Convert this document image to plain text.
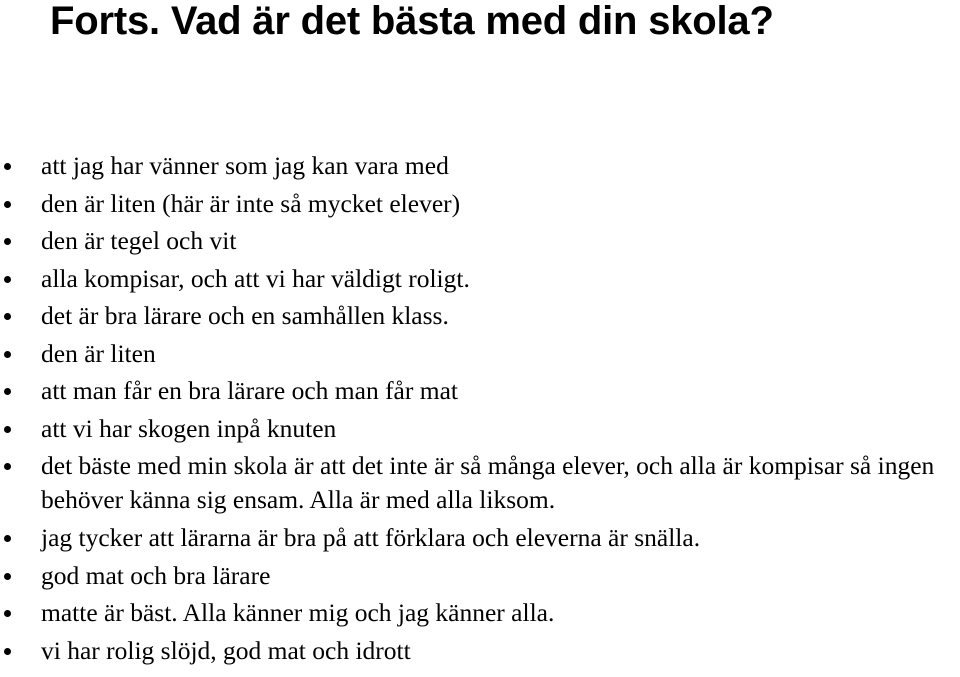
Forts. Vad är det bästa med din skola?
att jag har vänner som jag kan vara med
den är liten (här är inte så mycket elever)
den är tegel och vit
alla kompisar, och att vi har väldigt roligt.
det är bra lärare och en samhållen klass.
den är liten
att man får en bra lärare och man får mat
att vi har skogen inpå knuten
det bäste med min skola är att det inte är så många elever, och alla är kompisar så ingen behöver känna sig ensam. Alla är med alla liksom.
jag tycker att lärarna är bra på att förklara och eleverna är snälla.
god mat och bra lärare
matte är bäst. Alla känner mig och jag känner alla.
vi har rolig slöjd, god mat och idrott
